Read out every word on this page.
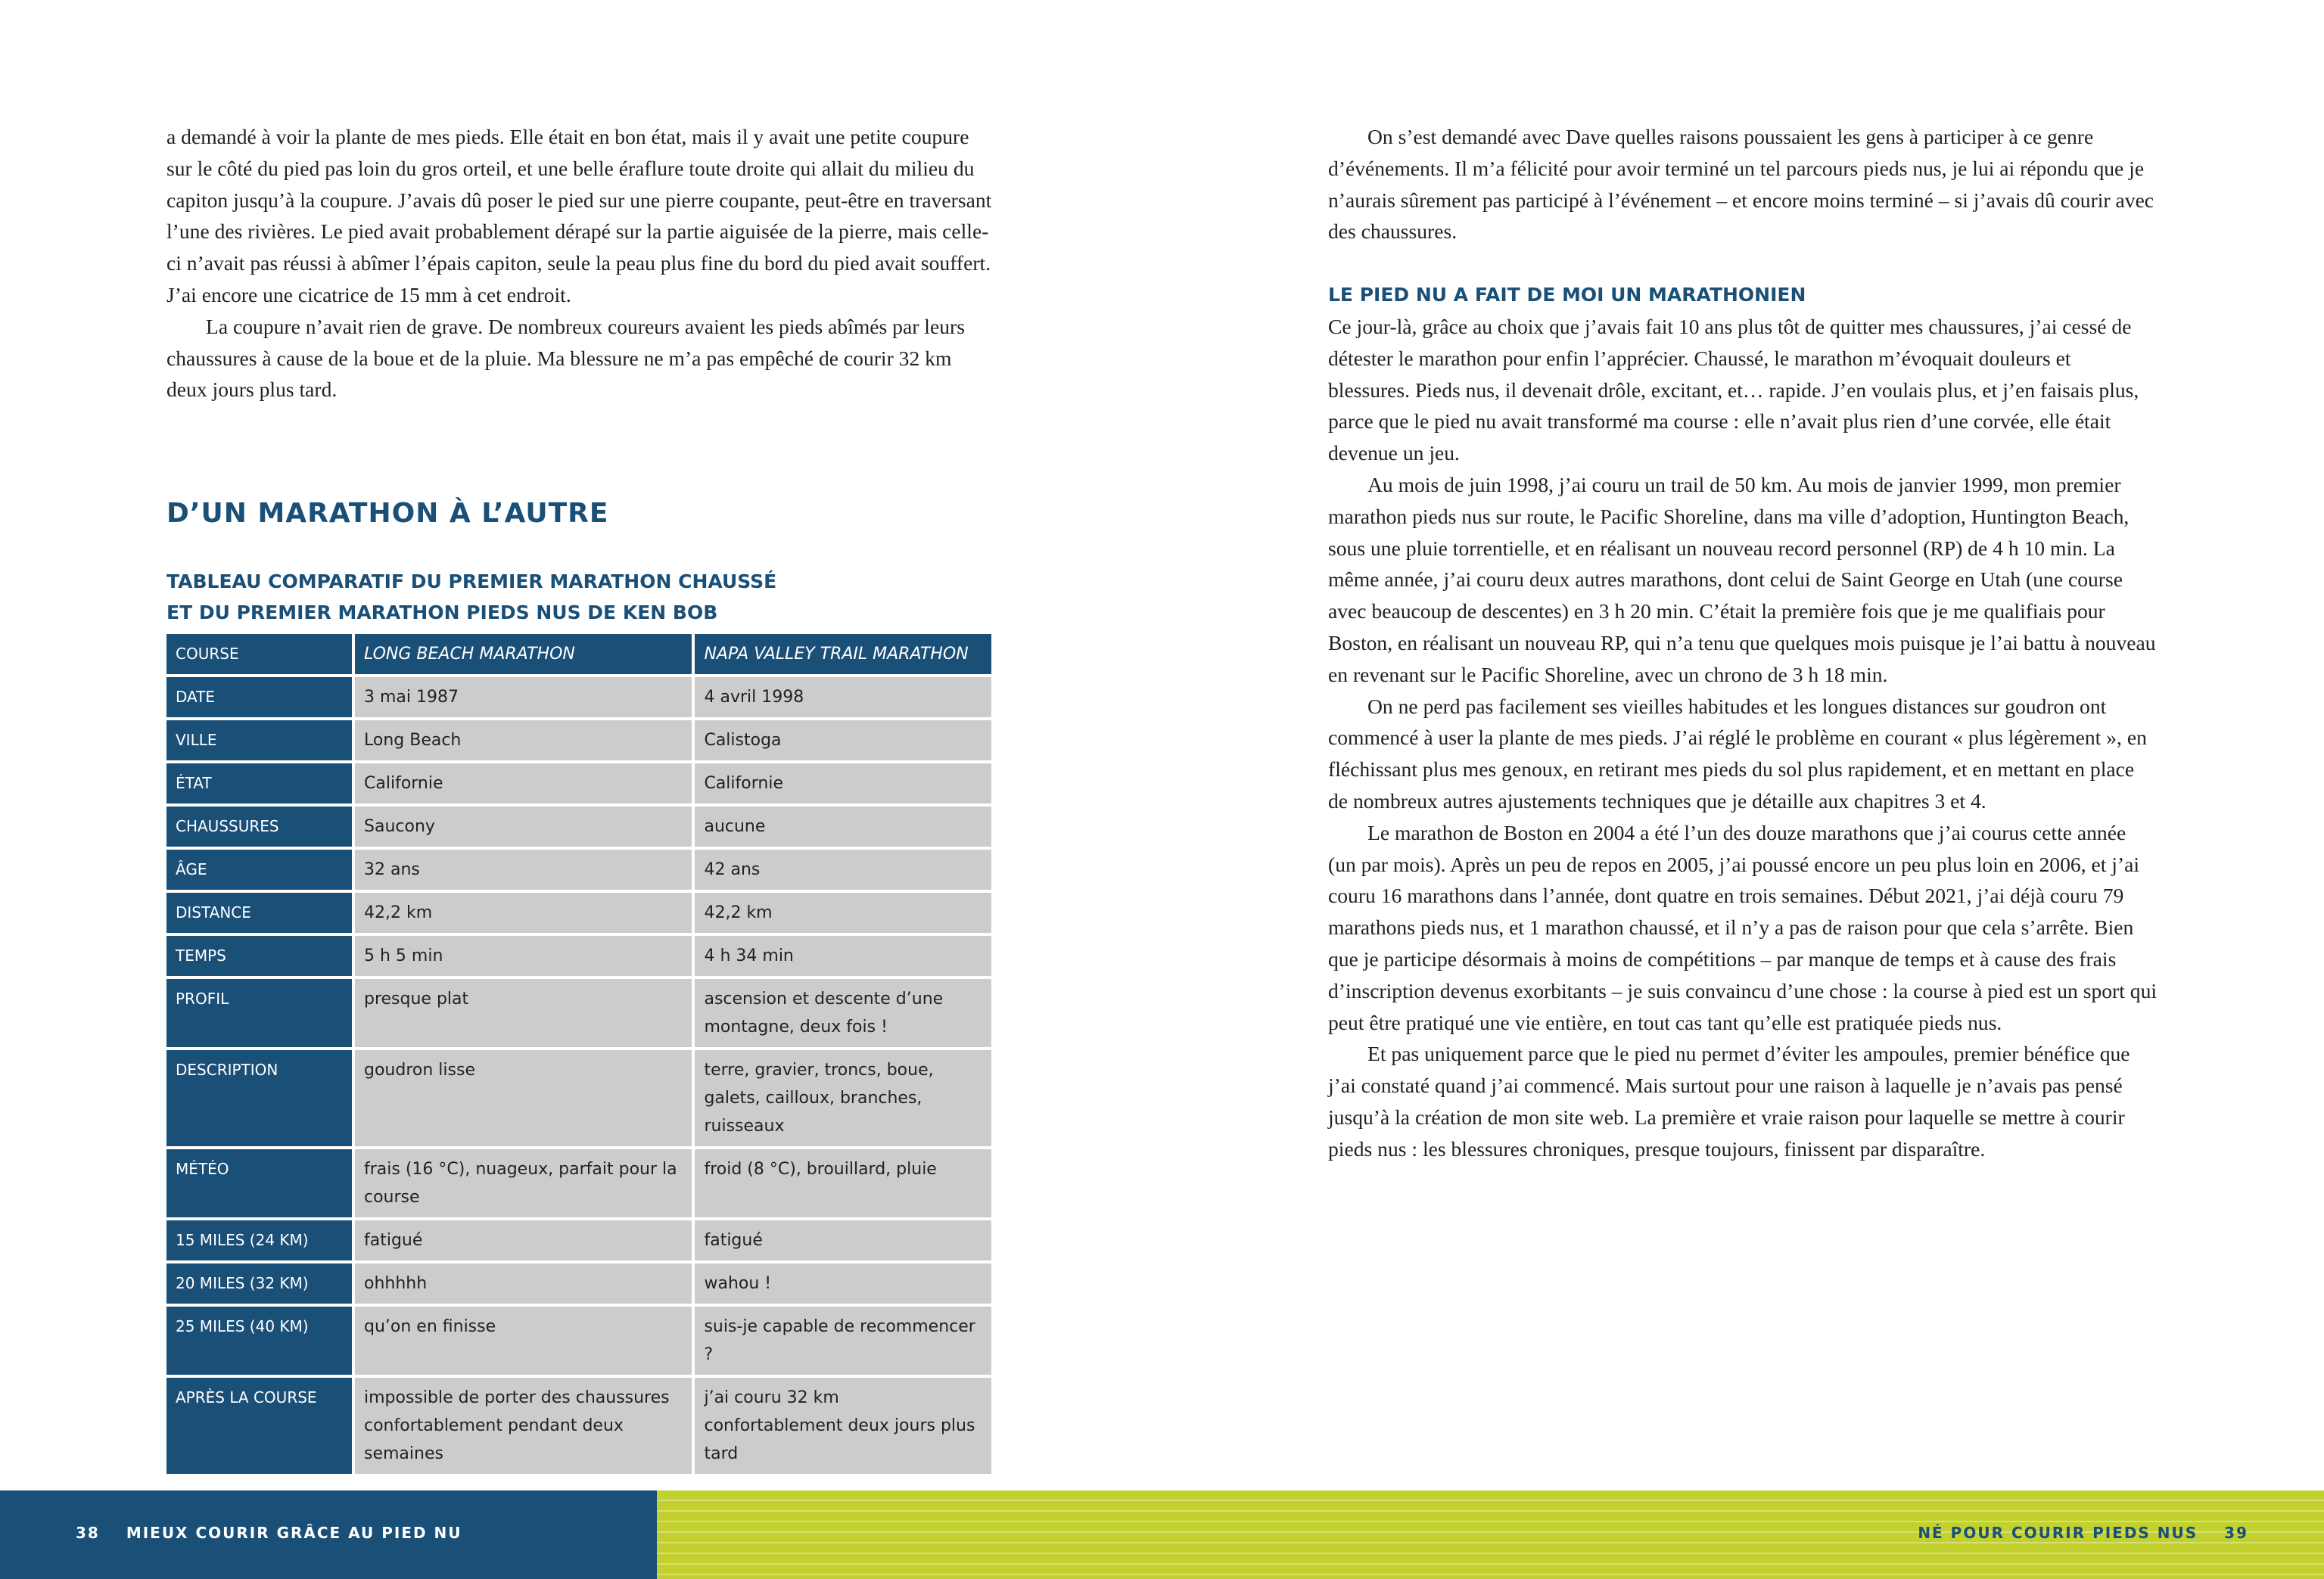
a demandé à voir la plante de mes pieds. Elle était en bon état, mais il y avait une petite coupure sur le côté du pied pas loin du gros orteil, et une belle éraflure toute droite qui allait du milieu du capiton jusqu’à la coupure. J’avais dû poser le pied sur une pierre coupante, peut-être en traversant l’une des rivières. Le pied avait probablement dérapé sur la partie aiguisée de la pierre, mais celle-ci n’avait pas réussi à abîmer l’épais capiton, seule la peau plus fine du bord du pied avait souffert. J’ai encore une cicatrice de 15 mm à cet endroit.

La coupure n’avait rien de grave. De nombreux coureurs avaient les pieds abîmés par leurs chaussures à cause de la boue et de la pluie. Ma blessure ne m’a pas empêché de courir 32 km deux jours plus tard.

D’UN MARATHON À L’AUTRE
TABLEAU COMPARATIF DU PREMIER MARATHON CHAUSSÉ
ET DU PREMIER MARATHON PIEDS NUS DE KEN BOB
COURSE	LONG BEACH MARATHON	NAPA VALLEY TRAIL MARATHON
DATE	3 mai 1987	4 avril 1998
VILLE	Long Beach	Calistoga
ÉTAT	Californie	Californie
CHAUSSURES	Saucony	aucune
ÂGE	32 ans	42 ans
DISTANCE	42,2 km	42,2 km
TEMPS	5 h 5 min	4 h 34 min
PROFIL	presque plat	ascension et descente d’une montagne, deux fois !
DESCRIPTION	goudron lisse	terre, gravier, troncs, boue, galets, cailloux, branches, ruisseaux
MÉTÉO	frais (16 °C), nuageux, parfait pour la course	froid (8 °C), brouillard, pluie
15 MILES (24 KM)	fatigué	fatigué
20 MILES (32 KM)	ohhhhh	wahou !
25 MILES (40 KM)	qu’on en finisse	suis-je capable de recommencer ?
APRÈS LA COURSE	impossible de porter des chaussures confortablement pendant deux semaines	j’ai couru 32 km confortablement deux jours plus tard

On s’est demandé avec Dave quelles raisons poussaient les gens à participer à ce genre d’événements. Il m’a félicité pour avoir terminé un tel parcours pieds nus, je lui ai répondu que je n’aurais sûrement pas participé à l’événement – et encore moins terminé – si j’avais dû courir avec des chaussures.

LE PIED NU A FAIT DE MOI UN MARATHONIEN

Ce jour-là, grâce au choix que j’avais fait 10 ans plus tôt de quitter mes chaussures, j’ai cessé de détester le marathon pour enfin l’apprécier. Chaussé, le marathon m’évoquait douleurs et blessures. Pieds nus, il devenait drôle, excitant, et… rapide. J’en voulais plus, et j’en faisais plus, parce que le pied nu avait transformé ma course : elle n’avait plus rien d’une corvée, elle était devenue un jeu.

Au mois de juin 1998, j’ai couru un trail de 50 km. Au mois de janvier 1999, mon premier marathon pieds nus sur route, le Pacific Shoreline, dans ma ville d’adoption, Huntington Beach, sous une pluie torrentielle, et en réalisant un nouveau record personnel (RP) de 4 h 10 min. La même année, j’ai couru deux autres marathons, dont celui de Saint George en Utah (une course avec beaucoup de descentes) en 3 h 20 min. C’était la première fois que je me qualifiais pour Boston, en réalisant un nouveau RP, qui n’a tenu que quelques mois puisque je l’ai battu à nouveau en revenant sur le Pacific Shoreline, avec un chrono de 3 h 18 min.

On ne perd pas facilement ses vieilles habitudes et les longues distances sur goudron ont commencé à user la plante de mes pieds. J’ai réglé le problème en courant « plus légèrement », en fléchissant plus mes genoux, en retirant mes pieds du sol plus rapidement, et en mettant en place de nombreux autres ajustements techniques que je détaille aux chapitres 3 et 4.

Le marathon de Boston en 2004 a été l’un des douze marathons que j’ai courus cette année (un par mois). Après un peu de repos en 2005, j’ai poussé encore un peu plus loin en 2006, et j’ai couru 16 marathons dans l’année, dont quatre en trois semaines. Début 2021, j’ai déjà couru 79 marathons pieds nus, et 1 marathon chaussé, et il n’y a pas de raison pour que cela s’arrête. Bien que je participe désormais à moins de compétitions – par manque de temps et à cause des frais d’inscription devenus exorbitants – je suis convaincu d’une chose : la course à pied est un sport qui peut être pratiqué une vie entière, en tout cas tant qu’elle est pratiquée pieds nus.

Et pas uniquement parce que le pied nu permet d’éviter les ampoules, premier bénéfice que j’ai constaté quand j’ai commencé. Mais surtout pour une raison à laquelle je n’avais pas pensé jusqu’à la création de mon site web. La première et vraie raison pour laquelle se mettre à courir pieds nus : les blessures chroniques, presque toujours, finissent par disparaître.

38 MIEUX COURIR GRÂCE AU PIED NU	NÉ POUR COURIR PIEDS NUS 39
